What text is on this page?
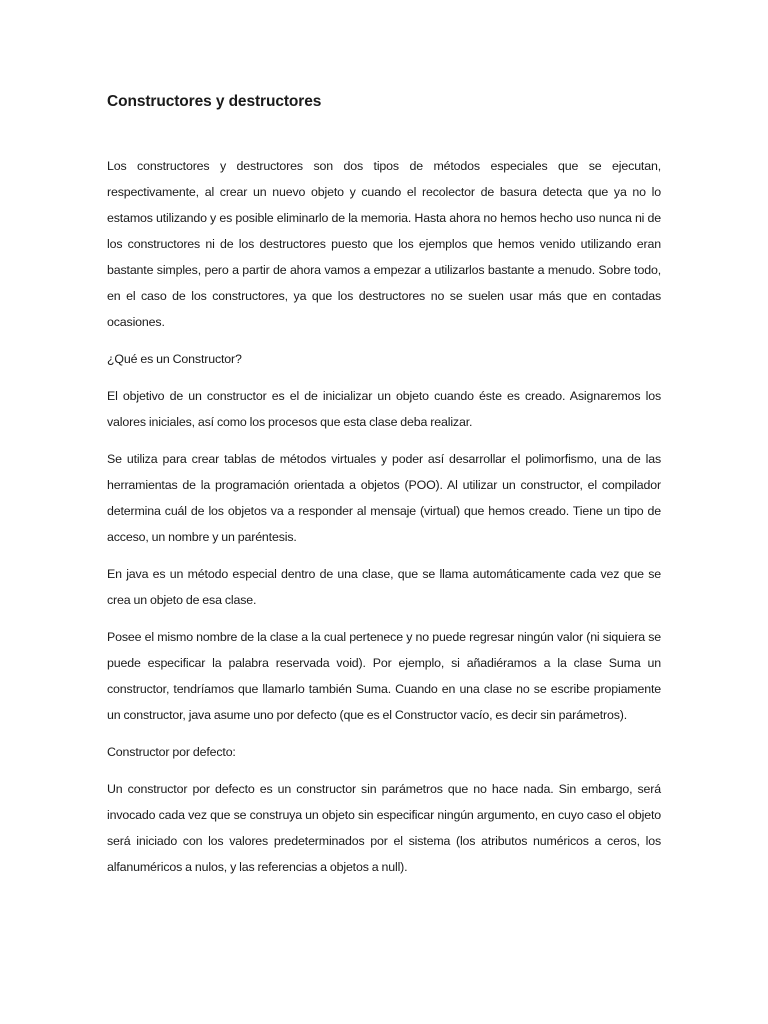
Constructores y destructores

Los constructores y destructores son dos tipos de métodos especiales que se ejecutan, respectivamente, al crear un nuevo objeto y cuando el recolector de basura detecta que ya no lo estamos utilizando y es posible eliminarlo de la memoria. Hasta ahora no hemos hecho uso nunca ni de los constructores ni de los destructores puesto que los ejemplos que hemos venido utilizando eran bastante simples, pero a partir de ahora vamos a empezar a utilizarlos bastante a menudo. Sobre todo, en el caso de los constructores, ya que los destructores no se suelen usar más que en contadas ocasiones.

¿Qué es un Constructor?

El objetivo de un constructor es el de inicializar un objeto cuando éste es creado. Asignaremos los valores iniciales, así como los procesos que esta clase deba realizar.

Se utiliza para crear tablas de métodos virtuales y poder así desarrollar el polimorfismo, una de las herramientas de la programación orientada a objetos (POO). Al utilizar un constructor, el compilador determina cuál de los objetos va a responder al mensaje (virtual) que hemos creado. Tiene un tipo de acceso, un nombre y un paréntesis.

En java es un método especial dentro de una clase, que se llama automáticamente cada vez que se crea un objeto de esa clase.

Posee el mismo nombre de la clase a la cual pertenece y no puede regresar ningún valor (ni siquiera se puede especificar la palabra reservada void). Por ejemplo, si añadiéramos a la clase Suma un constructor, tendríamos que llamarlo también Suma. Cuando en una clase no se escribe propiamente un constructor, java asume uno por defecto (que es el Constructor vacío, es decir sin parámetros).

Constructor por defecto:

Un constructor por defecto es un constructor sin parámetros que no hace nada. Sin embargo, será invocado cada vez que se construya un objeto sin especificar ningún argumento, en cuyo caso el objeto será iniciado con los valores predeterminados por el sistema (los atributos numéricos a ceros, los alfanuméricos a nulos, y las referencias a objetos a null).
